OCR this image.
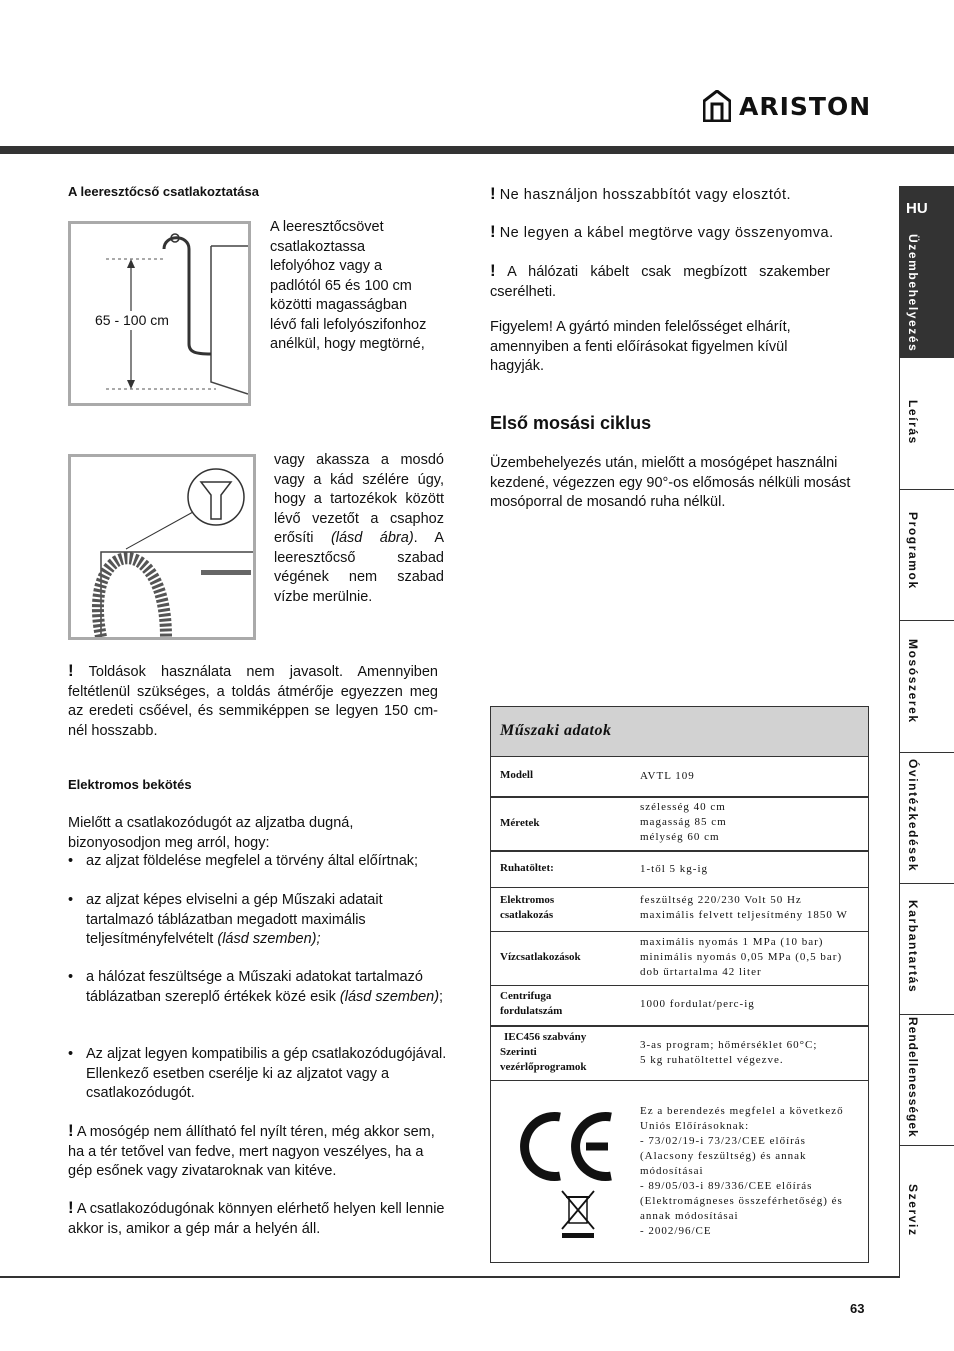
ARISTON
A leeresztőcső csatlakoztatása
65 - 100 cm
A leeresztőcsövet
csatlakoztassa
lefolyóhoz vagy a
padlótól 65 és 100 cm
közötti magasságban
lévő fali lefolyószifonhoz
anélkül, hogy megtörné,
vagy akassza a mosdó vagy a kád szélére úgy, hogy a tartozékok között lévő vezetőt a csaphoz erősíti (lásd ábra). A leeresztőcső szabad végének nem szabad vízbe merülnie.
! Toldások használata nem javasolt. Amennyiben feltétlenül szükséges, a toldás átmérője egyezzen meg az eredeti csőével, és semmiképpen se legyen 150 cm-nél hosszabb.
Elektromos bekötés
Mielőtt a csatlakozódugót az aljzatba dugná, bizonyosodjon meg arról, hogy:
• az aljzat földelése megfelel a törvény által előírtnak;
• az aljzat képes elviselni a gép Műszaki adatait tartalmazó táblázatban megadott maximális teljesítményfelvételt (lásd szemben);
• a hálózat feszültsége a Műszaki adatokat tartalmazó táblázatban szereplő értékek közé esik (lásd szemben);
• Az aljzat legyen kompatibilis a gép csatlakozódugójával. Ellenkező esetben cserélje ki az aljzatot vagy a csatlakozódugót.
! A mosógép nem állítható fel nyílt téren, még akkor sem, ha a tér tetővel van fedve, mert nagyon veszélyes, ha a gép esőnek vagy zivataroknak van kitéve.
! A csatlakozódugónak könnyen elérhető helyen kell lennie akkor is, amikor a gép már a helyén áll.
! Ne használjon hosszabbítót vagy elosztót.
! Ne legyen a kábel megtörve vagy összenyomva.
! A hálózati kábelt csak megbízott szakember cserélheti.
Figyelem! A gyártó minden felelősséget elhárít, amennyiben a fenti előírásokat figyelmen kívül hagyják.
Első mosási ciklus
Üzembehelyezés után, mielőtt a mosógépet használni kezdené, végezzen egy 90°-os előmosás nélküli mosást mosóporral de mosandó ruha nélkül.
Műszaki adatok
Modell	AVTL 109
Méretek
szélesség 40 cm
magasság 85 cm
mélység 60 cm
Ruhatöltet:	1-től 5 kg-ig
Elektromos
csatlakozás
feszültség 220/230 Volt 50 Hz
maximális felvett teljesítmény 1850 W
Vízcsatlakozások
maximális nyomás 1 MPa (10 bar)
minimális nyomás 0,05 MPa (0,5 bar)
dob űrtartalma 42 liter
Centrifuga
fordulatszám
1000 fordulat/perc-ig
IEC456 szabvány
Szerinti
vezérlőprogramok
3-as program; hőmérséklet 60°C;
5 kg ruhatöltettel végezve.
Ez a berendezés megfelel a következő
Uniós Előírásoknak:
- 73/02/19-i 73/23/CEE előírás
(Alacsony feszültség) és annak
módosításai
- 89/05/03-i 89/336/CEE előírás
(Elektromágneses összeférhetőség) és
annak módosításai
- 2002/96/CE
HU
Üzembehelyezés
Leírás
Programok
Mosószerek
Óvintézkedések
Karbantartás
Rendellenességek
Szerviz
63
